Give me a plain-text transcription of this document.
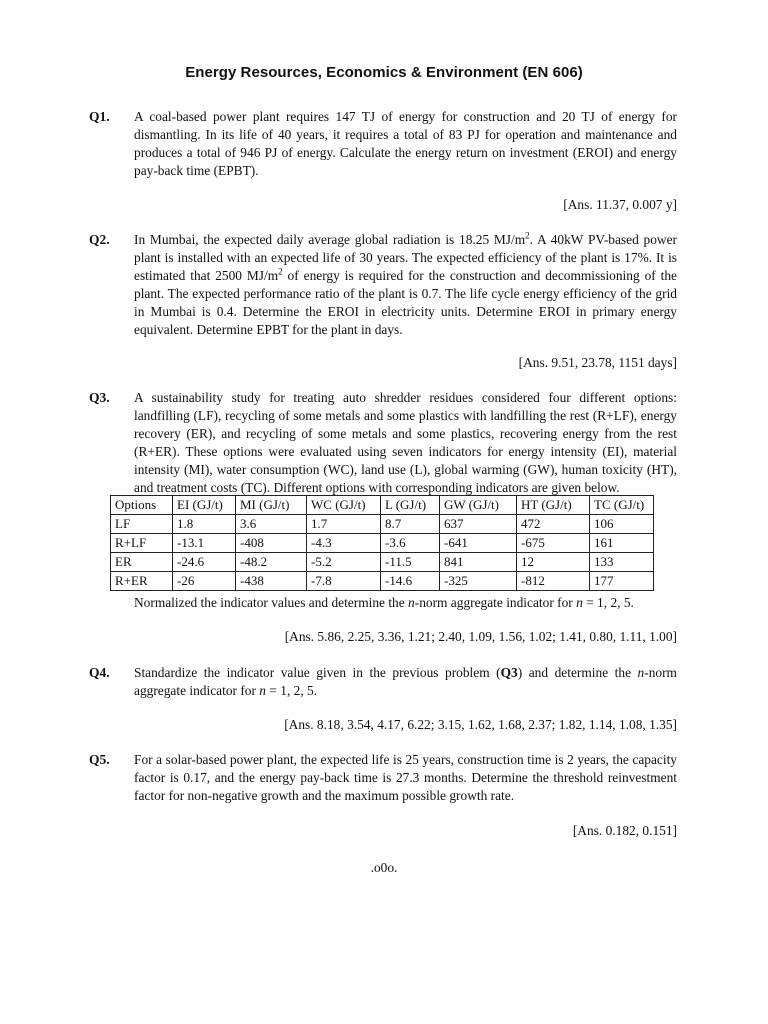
Energy Resources, Economics & Environment (EN 606)
Q1. A coal-based power plant requires 147 TJ of energy for construction and 20 TJ of energy for dismantling. In its life of 40 years, it requires a total of 83 PJ for operation and maintenance and produces a total of 946 PJ of energy. Calculate the energy return on investment (EROI) and energy pay-back time (EPBT).
[Ans. 11.37, 0.007 y]
Q2. In Mumbai, the expected daily average global radiation is 18.25 $MJ/m^2$. A 40kW PV-based power plant is installed with an expected life of 30 years. The expected efficiency of the plant is 17%. It is estimated that 2500 $MJ/m^2$ of energy is required for the construction and decommissioning of the plant. The expected performance ratio of the plant is 0.7. The life cycle energy efficiency of the grid in Mumbai is 0.4. Determine the EROI in electricity units. Determine EROI in primary energy equivalent. Determine EPBT for the plant in days.
[Ans. 9.51, 23.78, 1151 days]
Q3. A sustainability study for treating auto shredder residues considered four different options: landfilling (LF), recycling of some metals and some plastics with landfilling the rest (R+LF), energy recovery (ER), and recycling of some metals and some plastics, recovering energy from the rest (R+ER). These options were evaluated using seven indicators for energy intensity (EI), material intensity (MI), water consumption (WC), land use (L), global warming (GW), human toxicity (HT), and treatment costs (TC). Different options with corresponding indicators are given below.
Options	EI (GJ/t)	MI (GJ/t)	WC (GJ/t)	L (GJ/t)	GW (GJ/t)	HT (GJ/t)	TC (GJ/t)
LF	1.8	3.6	1.7	8.7	637	472	106
R+LF	-13.1	-408	-4.3	-3.6	-641	-675	161
ER	-24.6	-48.2	-5.2	-11.5	841	12	133
R+ER	-26	-438	-7.8	-14.6	-325	-812	177
Normalized the indicator values and determine the n-norm aggregate indicator for n = 1, 2, 5.
[Ans. 5.86, 2.25, 3.36, 1.21; 2.40, 1.09, 1.56, 1.02; 1.41, 0.80, 1.11, 1.00]
Q4. Standardize the indicator value given in the previous problem (Q3) and determine the n-norm aggregate indicator for n = 1, 2, 5.
[Ans. 8.18, 3.54, 4.17, 6.22; 3.15, 1.62, 1.68, 2.37; 1.82, 1.14, 1.08, 1.35]
Q5. For a solar-based power plant, the expected life is 25 years, construction time is 2 years, the capacity factor is 0.17, and the energy pay-back time is 27.3 months. Determine the threshold reinvestment factor for non-negative growth and the maximum possible growth rate.
[Ans. 0.182, 0.151]
.o0o.
